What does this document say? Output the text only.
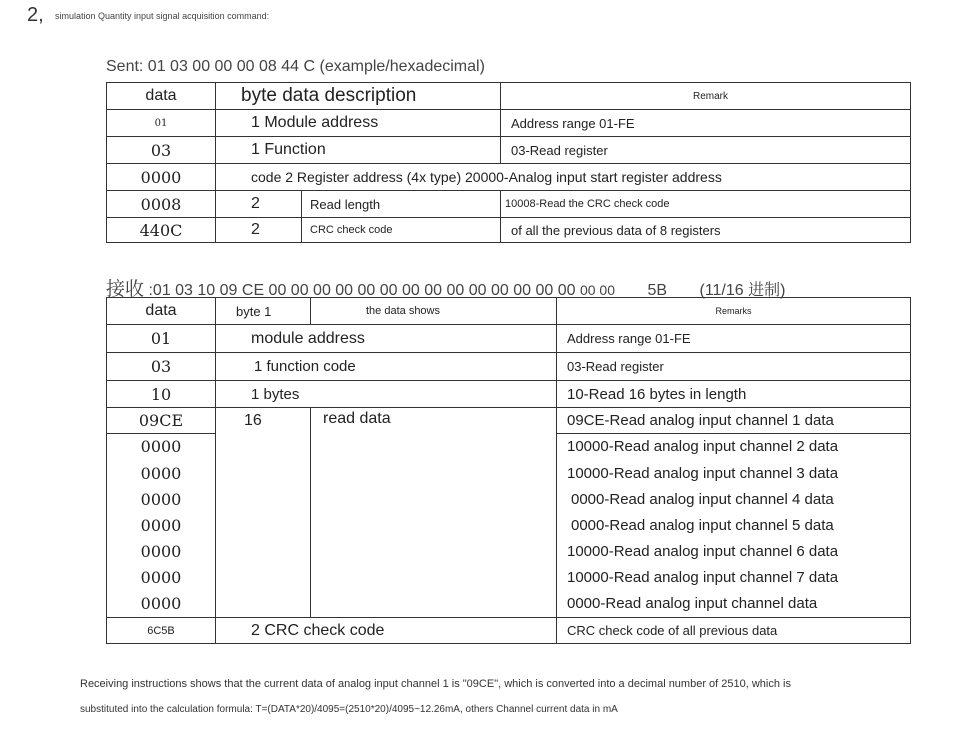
2, simulation Quantity input signal acquisition command:
Sent: 01 03 00 00 00 08 44 C (example/hexadecimal)
data	byte data description		Remark
01	1 Module address		Address range 01-FE
03	1 Function		03-Read register
0000	code 2 Register address (4x type) 20000-Analog input start register address		
0008	2	Read length	10008-Read the CRC check code
440C	2	CRC check code	of all the previous data of 8 registers
接收 :01 03 10 09 CE 00 00 00 00 00 00 00 00 00 00 00 00 00 00 00 00 5B (11/16 进制)
data	byte 1	the data shows	Remarks
01	module address		Address range 01-FE
03	1 function code		03-Read register
10	1 bytes		10-Read 16 bytes in length
09CE	16	read data	09CE-Read analog input channel 1 data
0000			10000-Read analog input channel 2 data
0000			10000-Read analog input channel 3 data
0000			0000-Read analog input channel 4 data
0000			0000-Read analog input channel 5 data
0000			10000-Read analog input channel 6 data
0000			10000-Read analog input channel 7 data
0000			0000-Read analog input channel data
6C5B	2 CRC check code		CRC check code of all previous data
Receiving instructions shows that the current data of analog input channel 1 is "09CE", which is converted into a decimal number of 2510, which is
substituted into the calculation formula: T=(DATA*20)/4095=(2510*20)/4095~12.26mA, others Channel current data in mA
